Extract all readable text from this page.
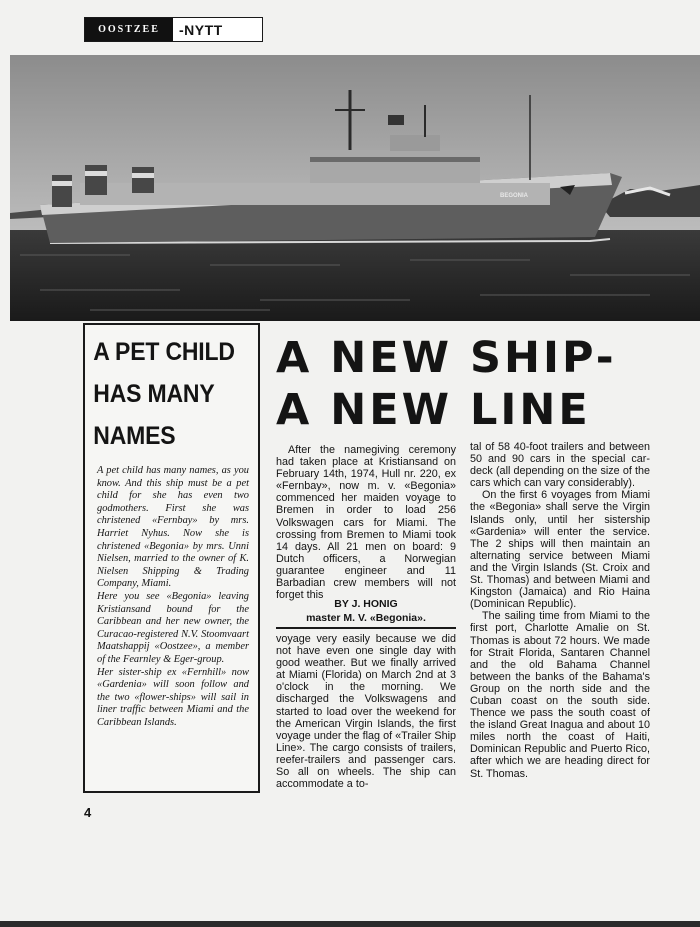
OOSTZEE	-NYTT
BEGONIA
A PET CHILD
HAS MANY
NAMES

A pet child has many names, as you know. And this ship must be a pet child for she has even two godmothers. First she was christened «Fernbay» by mrs. Harriet Nyhus. Now she is christened «Begonia» by mrs. Unni Nielsen, married to the owner of K. Nielsen Shipping & Trading Company, Miami.

Here you see «Begonia» leaving Kristiansand bound for the Caribbean and her new owner, the Curacao-registered N.V. Stoomvaart Maatshappij «Oostzee», a member of the Fearnley & Eger-group.

Her sister-ship ex «Fernhill» now «Gardenia» will soon follow and the two «flower-ships» will sail in liner traffic between Miami and the Caribbean Islands.

A NEW SHIP-
A NEW LINE

After the namegiving ceremony had taken place at Kristiansand on February 14th, 1974, Hull nr. 220, ex «Fernbay», now m. v. «Begonia» commenced her maiden voyage to Bremen in order to load 256 Volkswagen cars for Miami. The crossing from Bremen to Miami took 14 days. All 21 men on board: 9 Dutch officers, a Norwegian guarantee engineer and 11 Barbadian crew members will not forget this

BY J. HONIG
master M. V. «Begonia».

voyage very easily because we did not have even one single day with good weather. But we finally arrived at Miami (Florida) on March 2nd at 3 o'clock in the morning. We discharged the Volkswagens and started to load over the weekend for the American Virgin Islands, the first voyage under the flag of «Trailer Ship Line». The cargo consists of trailers, reefer-trailers and passenger cars. So all on wheels. The ship can accommodate a to-

tal of 58 40-foot trailers and between 50 and 90 cars in the special car-deck (all depending on the size of the cars which can vary considerably).

On the first 6 voyages from Miami the «Begonia» shall serve the Virgin Islands only, until her sistership «Gardenia» will enter the service. The 2 ships will then maintain an alternating service between Miami and the Virgin Islands (St. Croix and St. Thomas) and between Miami and Kingston (Jamaica) and Rio Haina (Dominican Republic).

The sailing time from Miami to the first port, Charlotte Amalie on St. Thomas is about 72 hours. We made for Strait Florida, Santaren Channel and the old Bahama Channel between the banks of the Bahama's Group on the north side and the Cuban coast on the south side. Thence we pass the south coast of the island Great Inagua and about 10 miles north the coast of Haiti, Dominican Republic and Puerto Rico, after which we are heading direct for St. Thomas.

4
